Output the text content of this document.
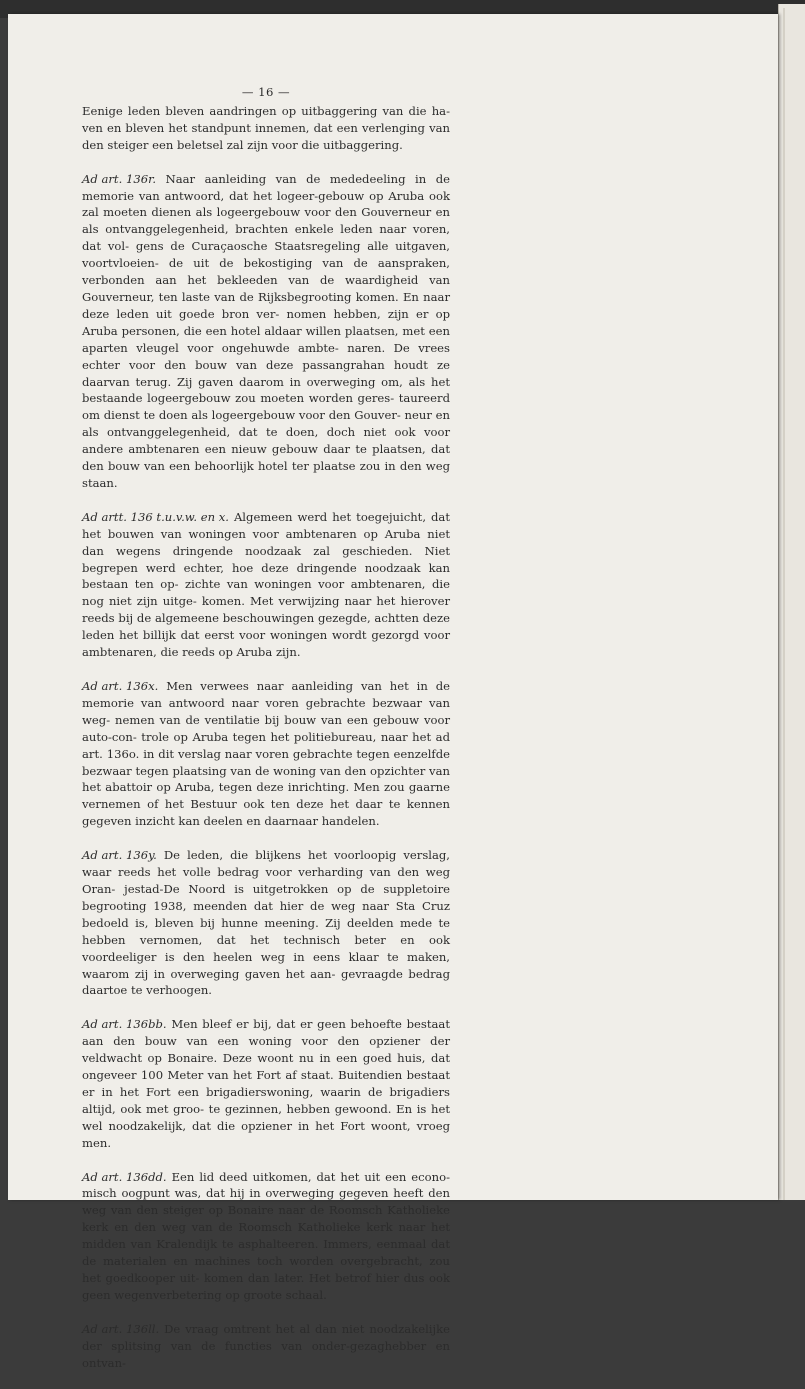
— 16 —

Eenige leden bleven aandringen op uitbaggering van die ha- ven en bleven het standpunt innemen, dat een verlenging van den steiger een beletsel zal zijn voor die uitbaggering.

Ad art. 136r. Naar aanleiding van de mededeeling in de memorie van antwoord, dat het logeer-gebouw op Aruba ook zal moeten dienen als logeergebouw voor den Gouverneur en als ontvanggelegenheid, brachten enkele leden naar voren, dat vol- gens de Curaçaosche Staatsregeling alle uitgaven, voortvloeien- de uit de bekostiging van de aanspraken, verbonden aan het bekleeden van de waardigheid van Gouverneur, ten laste van de Rijksbegrooting komen. En naar deze leden uit goede bron ver- nomen hebben, zijn er op Aruba personen, die een hotel aldaar willen plaatsen, met een aparten vleugel voor ongehuwde ambte- naren. De vrees echter voor den bouw van deze passangrahan houdt ze daarvan terug. Zij gaven daarom in overweging om, als het bestaande logeergebouw zou moeten worden geres- taureerd om dienst te doen als logeergebouw voor den Gouver- neur en als ontvanggelegenheid, dat te doen, doch niet ook voor andere ambtenaren een nieuw gebouw daar te plaatsen, dat den bouw van een behoorlijk hotel ter plaatse zou in den weg staan.

Ad artt. 136 t.u.v.w. en x. Algemeen werd het toegejuicht, dat het bouwen van woningen voor ambtenaren op Aruba niet dan wegens dringende noodzaak zal geschieden. Niet begrepen werd echter, hoe deze dringende noodzaak kan bestaan ten op- zichte van woningen voor ambtenaren, die nog niet zijn uitge- komen. Met verwijzing naar het hierover reeds bij de algemeene beschouwingen gezegde, achtten deze leden het billijk dat eerst voor woningen wordt gezorgd voor ambtenaren, die reeds op Aruba zijn.

Ad art. 136x. Men verwees naar aanleiding van het in de memorie van antwoord naar voren gebrachte bezwaar van weg- nemen van de ventilatie bij bouw van een gebouw voor auto-con- trole op Aruba tegen het politiebureau, naar het ad art. 136o. in dit verslag naar voren gebrachte tegen eenzelfde bezwaar tegen plaatsing van de woning van den opzichter van het abattoir op Aruba, tegen deze inrichting. Men zou gaarne vernemen of het Bestuur ook ten deze het daar te kennen gegeven inzicht kan deelen en daarnaar handelen.

Ad art. 136y. De leden, die blijkens het voorloopig verslag, waar reeds het volle bedrag voor verharding van den weg Oran- jestad-De Noord is uitgetrokken op de suppletoire begrooting 1938, meenden dat hier de weg naar Sta Cruz bedoeld is, bleven bij hunne meening. Zij deelden mede te hebben vernomen, dat het technisch beter en ook voordeeliger is den heelen weg in eens klaar te maken, waarom zij in overweging gaven het aan- gevraagde bedrag daartoe te verhoogen.

Ad art. 136bb. Men bleef er bij, dat er geen behoefte bestaat aan den bouw van een woning voor den opziener der veldwacht op Bonaire. Deze woont nu in een goed huis, dat ongeveer 100 Meter van het Fort af staat. Buitendien bestaat er in het Fort een brigadierswoning, waarin de brigadiers altijd, ook met groo- te gezinnen, hebben gewoond. En is het wel noodzakelijk, dat die opziener in het Fort woont, vroeg men.

Ad art. 136dd. Een lid deed uitkomen, dat het uit een econo- misch oogpunt was, dat hij in overweging gegeven heeft den weg van den steiger op Bonaire naar de Roomsch Katholieke kerk en den weg van de Roomsch Katholieke kerk naar het midden van Kralendijk te asphalteeren. Immers, eenmaal dat de materialen en machines toch worden overgebracht, zou het goedkooper uit- komen dan later. Het betrof hier dus ook geen wegenverbetering op groote schaal.

Ad art. 136ll. De vraag omtrent het al dan niet noodzakelijke der splitsing van de functies van onder-gezaghebber en ontvan-
